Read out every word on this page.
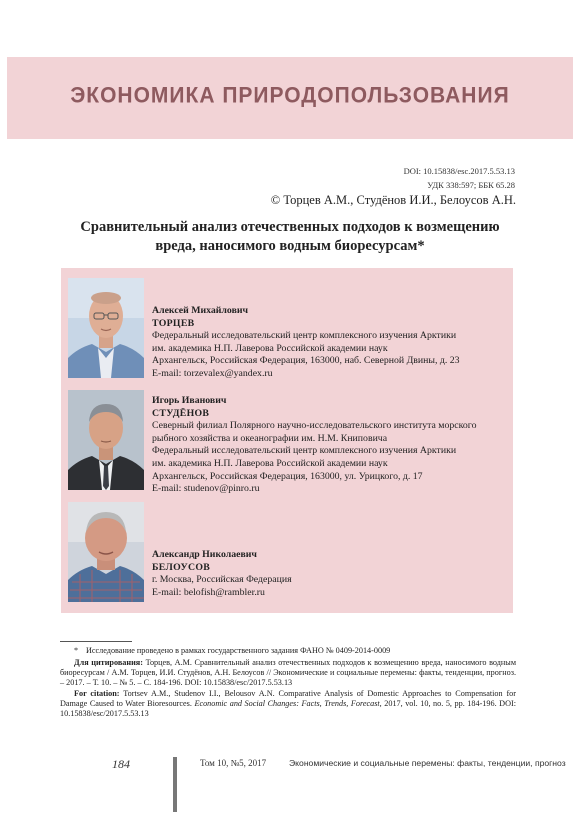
ЭКОНОМИКА ПРИРОДОПОЛЬЗОВАНИЯ
DOI: 10.15838/esc.2017.5.53.13
УДК 338:597; ББК 65.28
© Торцев А.М., Студёнов И.И., Белоусов А.Н.
Сравнительный анализ отечественных подходов к возмещению
вреда, наносимого водным биоресурсам*
Алексей Михайлович
ТОРЦЕВ
Федеральный исследовательский центр комплексного изучения Арктики
им. академика Н.П. Лаверова Российской академии наук
Архангельск, Российская Федерация, 163000, наб. Северной Двины, д. 23
E-mail: torzevalex@yandex.ru
Игорь Иванович
СТУДЁНОВ
Северный филиал Полярного научно-исследовательского института морского
рыбного хозяйства и океанографии им. Н.М. Книповича
Федеральный исследовательский центр комплексного изучения Арктики
им. академика Н.П. Лаверова Российской академии наук
Архангельск, Российская Федерация, 163000, ул. Урицкого, д. 17
E-mail: studenov@pinro.ru
Александр Николаевич
БЕЛОУСОВ
г. Москва, Российская Федерация
E-mail: belofish@rambler.ru
* Исследование проведено в рамках государственного задания ФАНО № 0409-2014-0009
Для цитирования: Торцев, А.М. Сравнительный анализ отечественных подходов к возмещению вреда, наносимого водным биоресурсам / А.М. Торцев, И.И. Студёнов, А.Н. Белоусов // Экономические и социальные перемены: факты, тенденции, прогноз. – 2017. – Т. 10. – № 5. – С. 184-196. DOI: 10.15838/esc/2017.5.53.13
For citation: Tortsev A.M., Studenov I.I., Belousov A.N. Comparative Analysis of Domestic Approaches to Compensation for Damage Caused to Water Bioresources. Economic and Social Changes: Facts, Trends, Forecast, 2017, vol. 10, no. 5, pp. 184-196. DOI: 10.15838/esc/2017.5.53.13
184	Том 10, №5, 2017	Экономические и социальные перемены: факты, тенденции, прогноз
